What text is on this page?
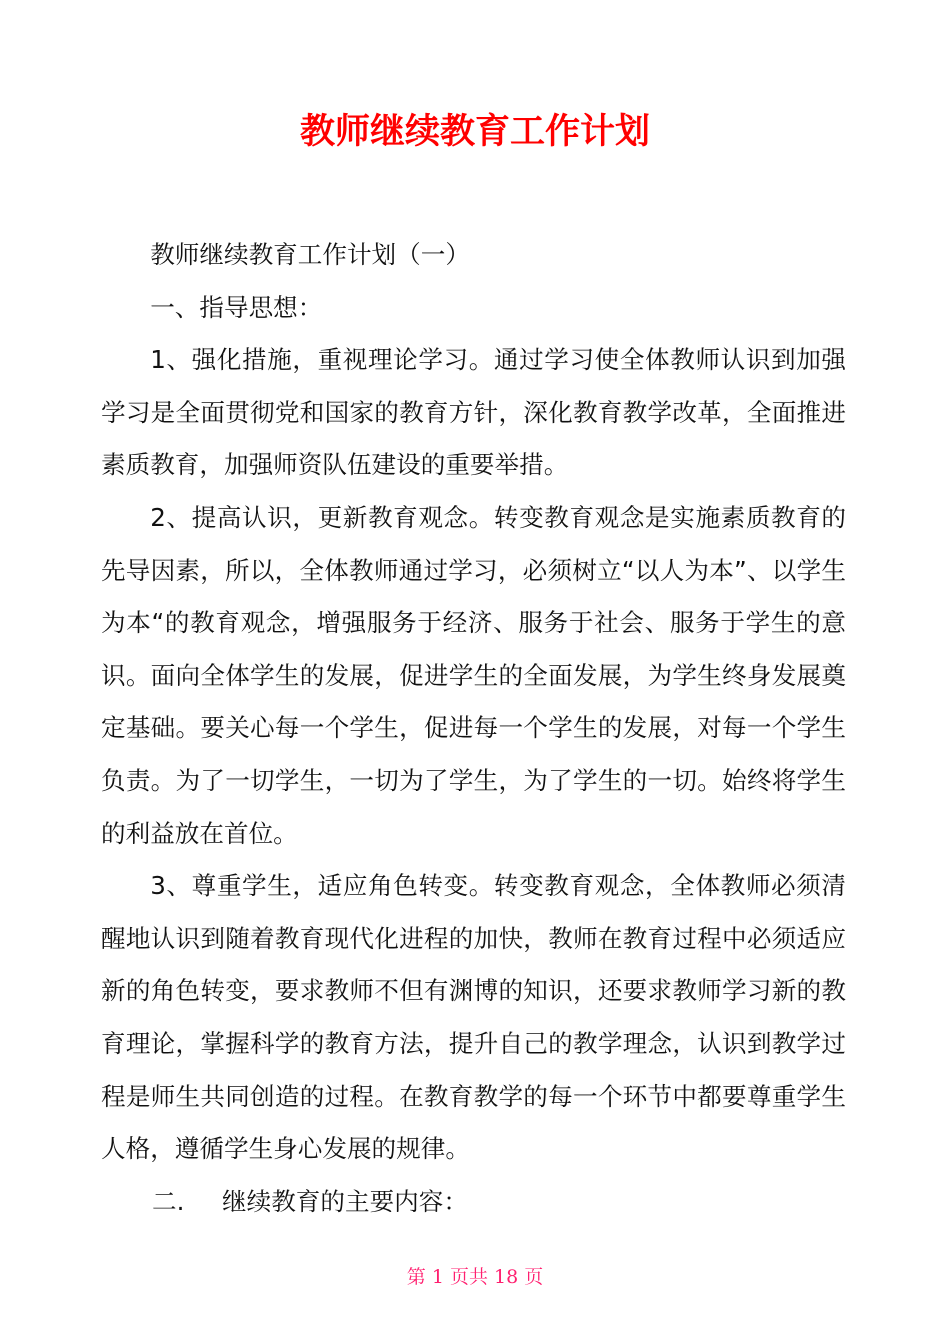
教师继续教育工作计划

教师继续教育工作计划（一）

一、指导思想：

1、强化措施，重视理论学习。通过学习使全体教师认识到加强学习是全面贯彻党和国家的教育方针，深化教育教学改革，全面推进素质教育，加强师资队伍建设的重要举措。

2、提高认识，更新教育观念。转变教育观念是实施素质教育的先导因素，所以，全体教师通过学习，必须树立“以人为本”、以学生为本“的教育观念，增强服务于经济、服务于社会、服务于学生的意识。面向全体学生的发展，促进学生的全面发展，为学生终身发展奠定基础。要关心每一个学生，促进每一个学生的发展，对每一个学生负责。为了一切学生，一切为了学生，为了学生的一切。始终将学生的利益放在首位。

3、尊重学生，适应角色转变。转变教育观念，全体教师必须清醒地认识到随着教育现代化进程的加快，教师在教育过程中必须适应新的角色转变，要求教师不但有渊博的知识，还要求教师学习新的教育理论，掌握科学的教育方法，提升自己的教学理念，认识到教学过程是师生共同创造的过程。在教育教学的每一个环节中都要尊重学生人格，遵循学生身心发展的规律。

二. 继续教育的主要内容：
第 1 页共 18 页
